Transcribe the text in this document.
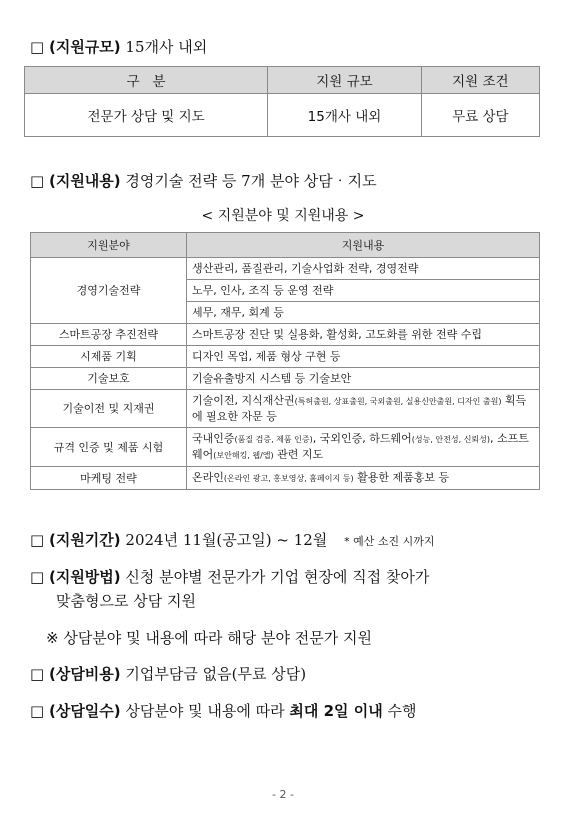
□ (지원규모) 15개사 내외
구   분	지원 규모	지원 조건
전문가 상담 및 지도	15개사 내외	무료 상담
□ (지원내용) 경영기술 전략 등 7개 분야 상담‧지도
< 지원분야 및 지원내용 >
지원분야	지원내용
경영기술전략	생산관리, 품질관리, 기술사업화 전략, 경영전략
	노무, 인사, 조직 등 운영 전략
	세무, 재무, 회계 등
스마트공장 추진전략	스마트공장 진단 및 실용화, 활성화, 고도화를 위한 전략 수립
시제품 기획	디자인 목업, 제품 형상 구현 등
기술보호	기술유출방지 시스템 등 기술보안
기술이전 및 지재권	기술이전, 지식재산권(특허출원, 상표출원, 국외출원, 실용신안출원, 디자인 출원) 획득에 필요한 자문 등
규격 인증 및 제품 시험	국내인증(품질 검증, 제품 인증), 국외인증, 하드웨어(성능, 안전성, 신뢰성), 소프트웨어(보안해킹, 웹/앱) 관련 지도
마케팅 전략	온라인(온라인 광고, 홍보영상, 홈페이지 등) 활용한 제품홍보 등
□ (지원기간) 2024년 11월(공고일) ~ 12월 * 예산 소진 시까지
□ (지원방법) 신청 분야별 전문가가 기업 현장에 직접 찾아가
맞춤형으로 상담 지원
※ 상담분야 및 내용에 따라 해당 분야 전문가 지원
□ (상담비용) 기업부담금 없음(무료 상담)
□ (상담일수) 상담분야 및 내용에 따라 최대 2일 이내 수행
- 2 -
